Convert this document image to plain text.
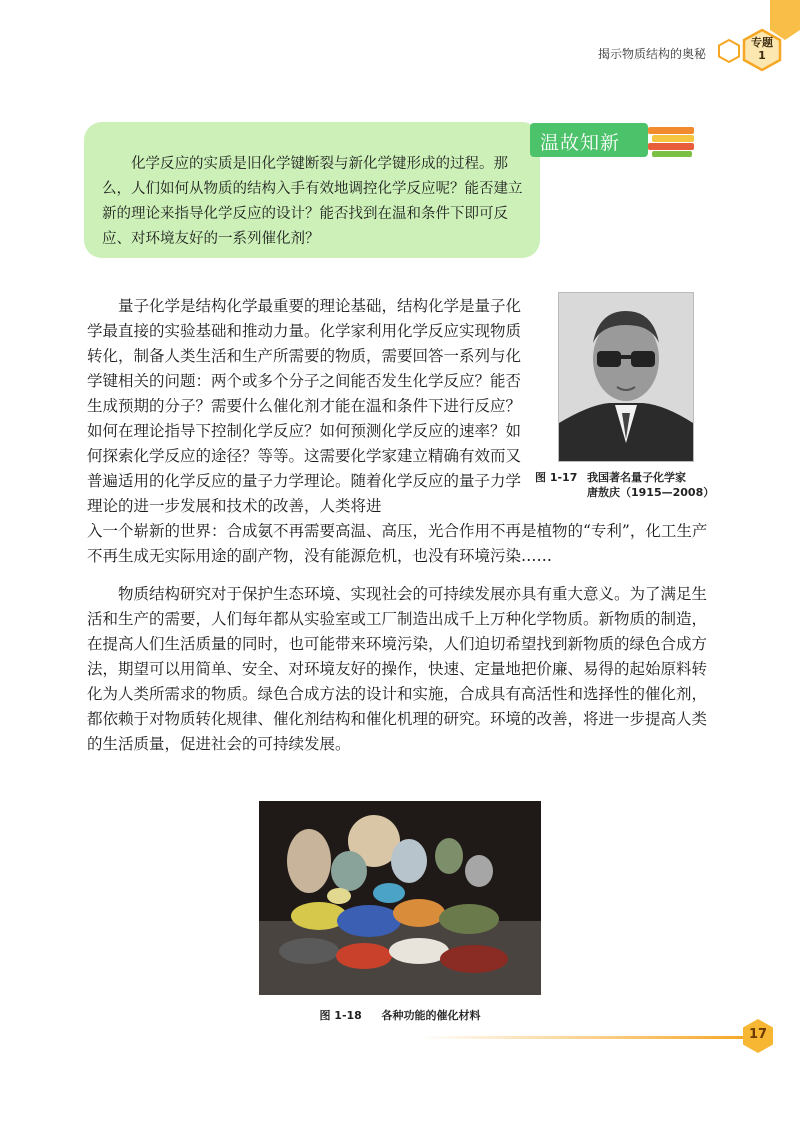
揭示物质结构的奥秘
专题
1
温故知新
化学反应的实质是旧化学键断裂与新化学键形成的过程。那么，人们如何从物质的结构入手有效地调控化学反应呢？能否建立新的理论来指导化学反应的设计？能否找到在温和条件下即可反应、对环境友好的一系列催化剂？
量子化学是结构化学最重要的理论基础，结构化学是量子化学最直接的实验基础和推动力量。化学家利用化学反应实现物质转化，制备人类生活和生产所需要的物质，需要回答一系列与化学键相关的问题：两个或多个分子之间能否发生化学反应？能否生成预期的分子？需要什么催化剂才能在温和条件下进行反应？如何在理论指导下控制化学反应？如何预测化学反应的速率？如何探索化学反应的途径？等等。这需要化学家建立精确有效而又普遍适用的化学反应的量子力学理论。随着化学反应的量子力学理论的进一步发展和技术的改善，人类将进
入一个崭新的世界：合成氨不再需要高温、高压，光合作用不再是植物的“专利”，化工生产不再生成无实际用途的副产物，没有能源危机，也没有环境污染……
图 1-17 我国著名量子化学家
唐敖庆（1915—2008）
物质结构研究对于保护生态环境、实现社会的可持续发展亦具有重大意义。为了满足生活和生产的需要，人们每年都从实验室或工厂制造出成千上万种化学物质。新物质的制造，在提高人们生活质量的同时，也可能带来环境污染，人们迫切希望找到新物质的绿色合成方法，期望可以用简单、安全、对环境友好的操作，快速、定量地把价廉、易得的起始原料转化为人类所需求的物质。绿色合成方法的设计和实施，合成具有高活性和选择性的催化剂，都依赖于对物质转化规律、催化剂结构和催化机理的研究。环境的改善，将进一步提高人类的生活质量，促进社会的可持续发展。
图 1-18 各种功能的催化材料
17
